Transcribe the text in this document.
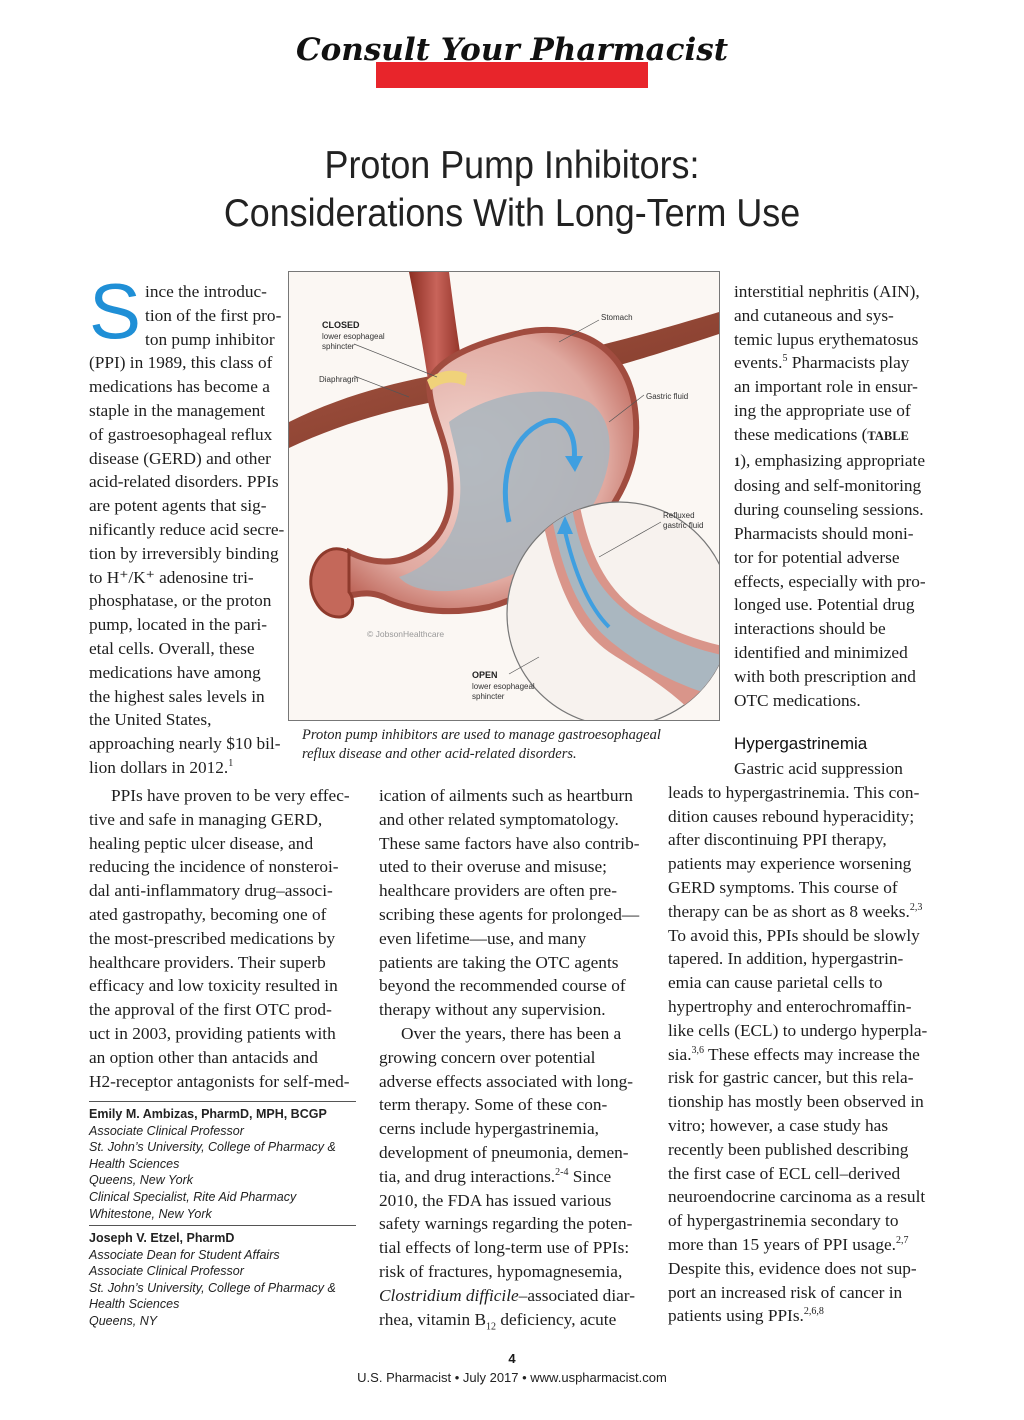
Consult Your Pharmacist
Proton Pump Inhibitors:
Considerations With Long-Term Use
S ince the introduc-
tion of the first pro-
ton pump inhibitor
(PPI) in 1989, this class of
medications has become a
staple in the management
of gastroesophageal reflux
disease (GERD) and other
acid-related disorders. PPIs
are potent agents that sig-
nificantly reduce acid secre-
tion by irreversibly binding
to H⁺/K⁺ adenosine tri-
phosphatase, or the proton
pump, located in the pari-
etal cells. Overall, these
medications have among
the highest sales levels in
the United States,
approaching nearly $10 bil-
lion dollars in 2012.$^1$
PPIs have proven to be very effec-
tive and safe in managing GERD,
healing peptic ulcer disease, and
reducing the incidence of nonsteroi-
dal anti-inflammatory drug–associ-
ated gastropathy, becoming one of
the most-prescribed medications by
healthcare providers. Their superb
efficacy and low toxicity resulted in
the approval of the first OTC prod-
uct in 2003, providing patients with
an option other than antacids and
H2-receptor antagonists for self-med-
Emily M. Ambizas, PharmD, MPH, BCGP
Associate Clinical Professor
St. John’s University, College of Pharmacy &
Health Sciences
Queens, New York
Clinical Specialist, Rite Aid Pharmacy
Whitestone, New York
Joseph V. Etzel, PharmD
Associate Dean for Student Affairs
Associate Clinical Professor
St. John’s University, College of Pharmacy &
Health Sciences
Queens, NY
CLOSED
lower esophageal
sphincter
Diaphragm
Stomach
Gastric fluid
Refluxed
gastric fluid
© JobsonHealthcare
OPEN
lower esophageal
sphincter
Proton pump inhibitors are used to manage gastroesophageal
reflux disease and other acid-related disorders.
ication of ailments such as heartburn
and other related symptomatology.
These same factors have also contrib-
uted to their overuse and misuse;
healthcare providers are often pre-
scribing these agents for prolonged—
even lifetime—use, and many
patients are taking the OTC agents
beyond the recommended course of
therapy without any supervision.
Over the years, there has been a
growing concern over potential
adverse effects associated with long-
term therapy. Some of these con-
cerns include hypergastrinemia,
development of pneumonia, demen-
tia, and drug interactions.$^{2-4}$ Since
2010, the FDA has issued various
safety warnings regarding the poten-
tial effects of long-term use of PPIs:
risk of fractures, hypomagnesemia,
Clostridium difficile–associated diar-
rhea, vitamin $B_{12}$ deficiency, acute
interstitial nephritis (AIN),
and cutaneous and sys-
temic lupus erythematosus
events.$^5$ Pharmacists play
an important role in ensur-
ing the appropriate use of
these medications (TABLE
1), emphasizing appropriate
dosing and self-monitoring
during counseling sessions.
Pharmacists should moni-
tor for potential adverse
effects, especially with pro-
longed use. Potential drug
interactions should be
identified and minimized
with both prescription and
OTC medications.
Hypergastrinemia
Gastric acid suppression
leads to hypergastrinemia. This con-
dition causes rebound hyperacidity;
after discontinuing PPI therapy,
patients may experience worsening
GERD symptoms. This course of
therapy can be as short as 8 weeks.$^{2,3}$
To avoid this, PPIs should be slowly
tapered. In addition, hypergastrin-
emia can cause parietal cells to
hypertrophy and enterochromaffin-
like cells (ECL) to undergo hyperpla-
sia.$^{3,6}$ These effects may increase the
risk for gastric cancer, but this rela-
tionship has mostly been observed in
vitro; however, a case study has
recently been published describing
the first case of ECL cell–derived
neuroendocrine carcinoma as a result
of hypergastrinemia secondary to
more than 15 years of PPI usage.$^{2,7}$
Despite this, evidence does not sup-
port an increased risk of cancer in
patients using PPIs.$^{2,6,8}$
4
U.S. Pharmacist • July 2017 • www.uspharmacist.com
